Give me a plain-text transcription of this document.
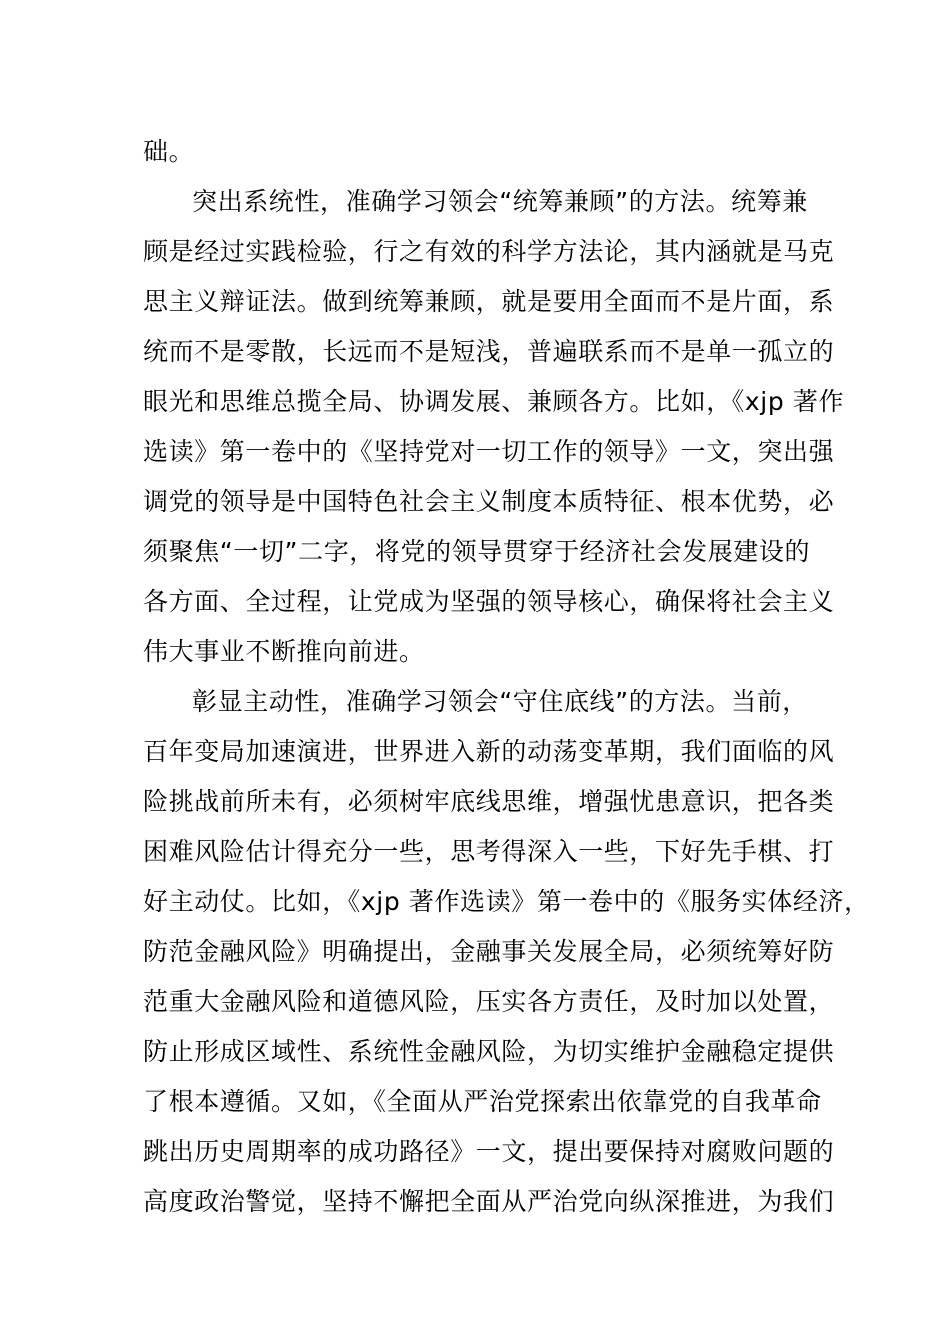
础。
突出系统性，准确学习领会“统筹兼顾”的方法。统筹兼
顾是经过实践检验，行之有效的科学方法论，其内涵就是马克
思主义辩证法。做到统筹兼顾，就是要用全面而不是片面，系
统而不是零散，长远而不是短浅，普遍联系而不是单一孤立的
眼光和思维总揽全局、协调发展、兼顾各方。比如，《xjp 著作
选读》第一卷中的《坚持党对一切工作的领导》一文，突出强
调党的领导是中国特色社会主义制度本质特征、根本优势，必
须聚焦“一切”二字，将党的领导贯穿于经济社会发展建设的
各方面、全过程，让党成为坚强的领导核心，确保将社会主义
伟大事业不断推向前进。
彰显主动性，准确学习领会“守住底线”的方法。当前，
百年变局加速演进，世界进入新的动荡变革期，我们面临的风
险挑战前所未有，必须树牢底线思维，增强忧患意识，把各类
困难风险估计得充分一些，思考得深入一些，下好先手棋、打
好主动仗。比如，《xjp 著作选读》第一卷中的《服务实体经济，
防范金融风险》明确提出，金融事关发展全局，必须统筹好防
范重大金融风险和道德风险，压实各方责任，及时加以处置，
防止形成区域性、系统性金融风险，为切实维护金融稳定提供
了根本遵循。又如，《全面从严治党探索出依靠党的自我革命
跳出历史周期率的成功路径》一文，提出要保持对腐败问题的
高度政治警觉，坚持不懈把全面从严治党向纵深推进，为我们
